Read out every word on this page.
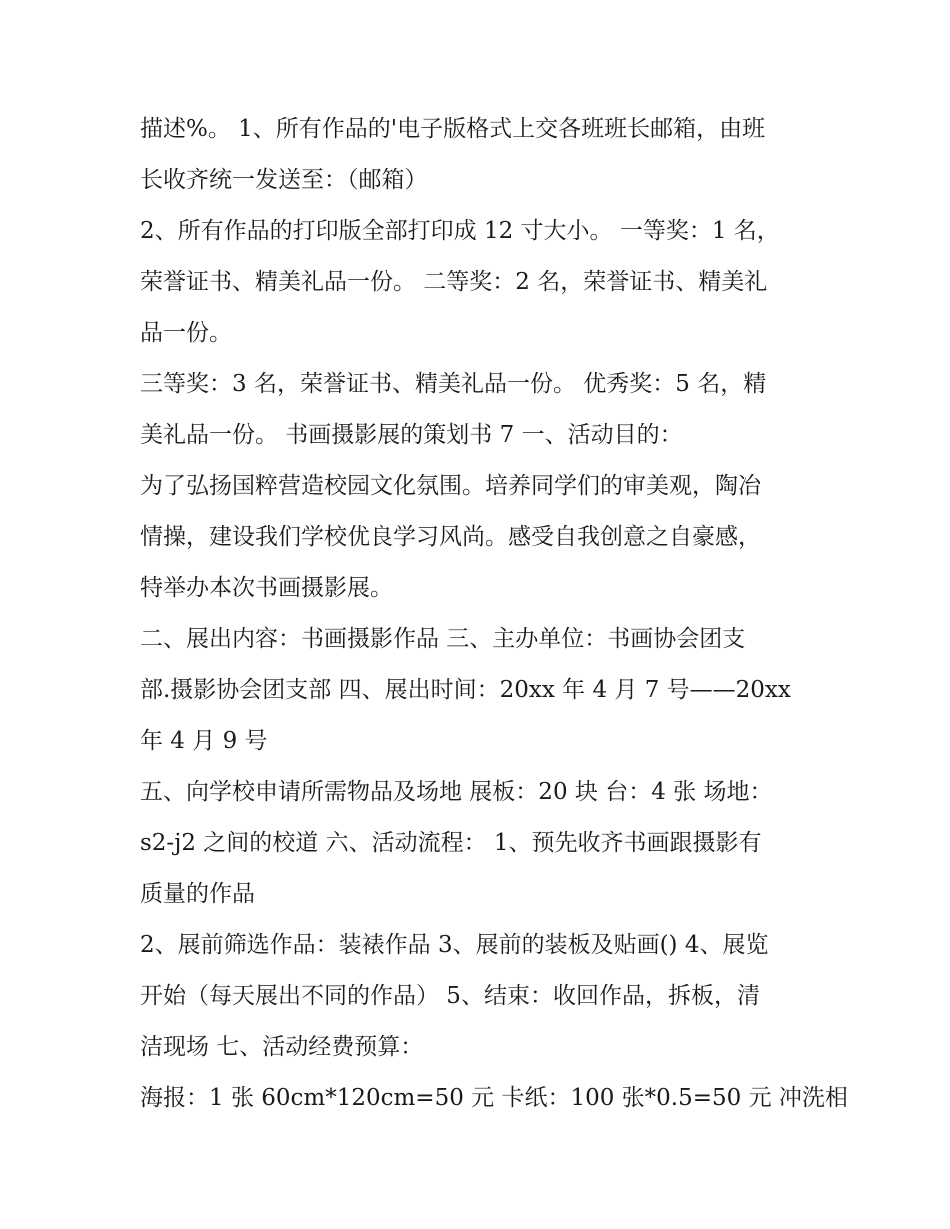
描述%。 1、所有作品的'电子版格式上交各班班长邮箱，由班
长收齐统一发送至：（邮箱）
2、所有作品的打印版全部打印成 12 寸大小。 一等奖：1 名，
荣誉证书、精美礼品一份。 二等奖：2 名，荣誉证书、精美礼
品一份。
三等奖：3 名，荣誉证书、精美礼品一份。 优秀奖：5 名，精
美礼品一份。 书画摄影展的策划书 7 一、活动目的：
为了弘扬国粹营造校园文化氛围。培养同学们的审美观，陶冶
情操，建设我们学校优良学习风尚。感受自我创意之自豪感，
特举办本次书画摄影展。
二、展出内容：书画摄影作品 三、主办单位：书画协会团支
部.摄影协会团支部 四、展出时间：20xx 年 4 月 7 号——20xx
年 4 月 9 号
五、向学校申请所需物品及场地 展板：20 块 台：4 张 场地：
s2-j2 之间的校道 六、活动流程： 1、预先收齐书画跟摄影有
质量的作品
2、展前筛选作品：装裱作品 3、展前的装板及贴画() 4、展览
开始（每天展出不同的作品） 5、结束：收回作品，拆板，清
洁现场 七、活动经费预算：
海报：1 张 60cm*120cm=50 元 卡纸：100 张*0.5=50 元 冲洗相
